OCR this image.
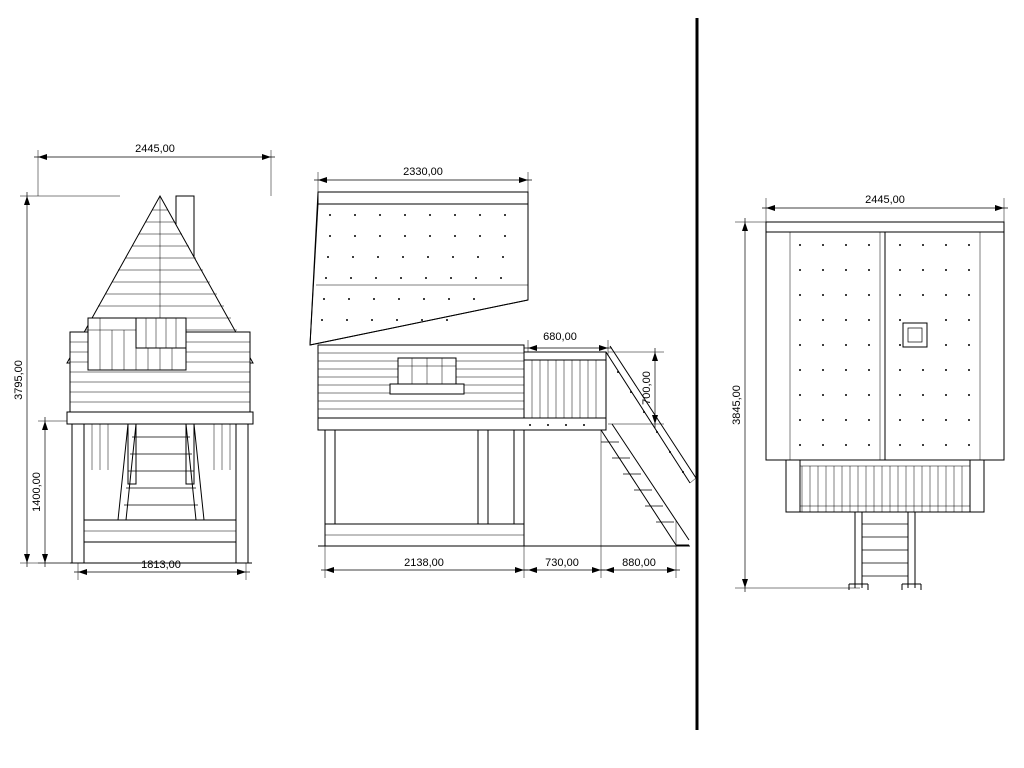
2445,00
3795,00
1400,00
1813,00
2330,00
680,00
700,00
2138,00	730,00	880,00
2445,00
3845,00
